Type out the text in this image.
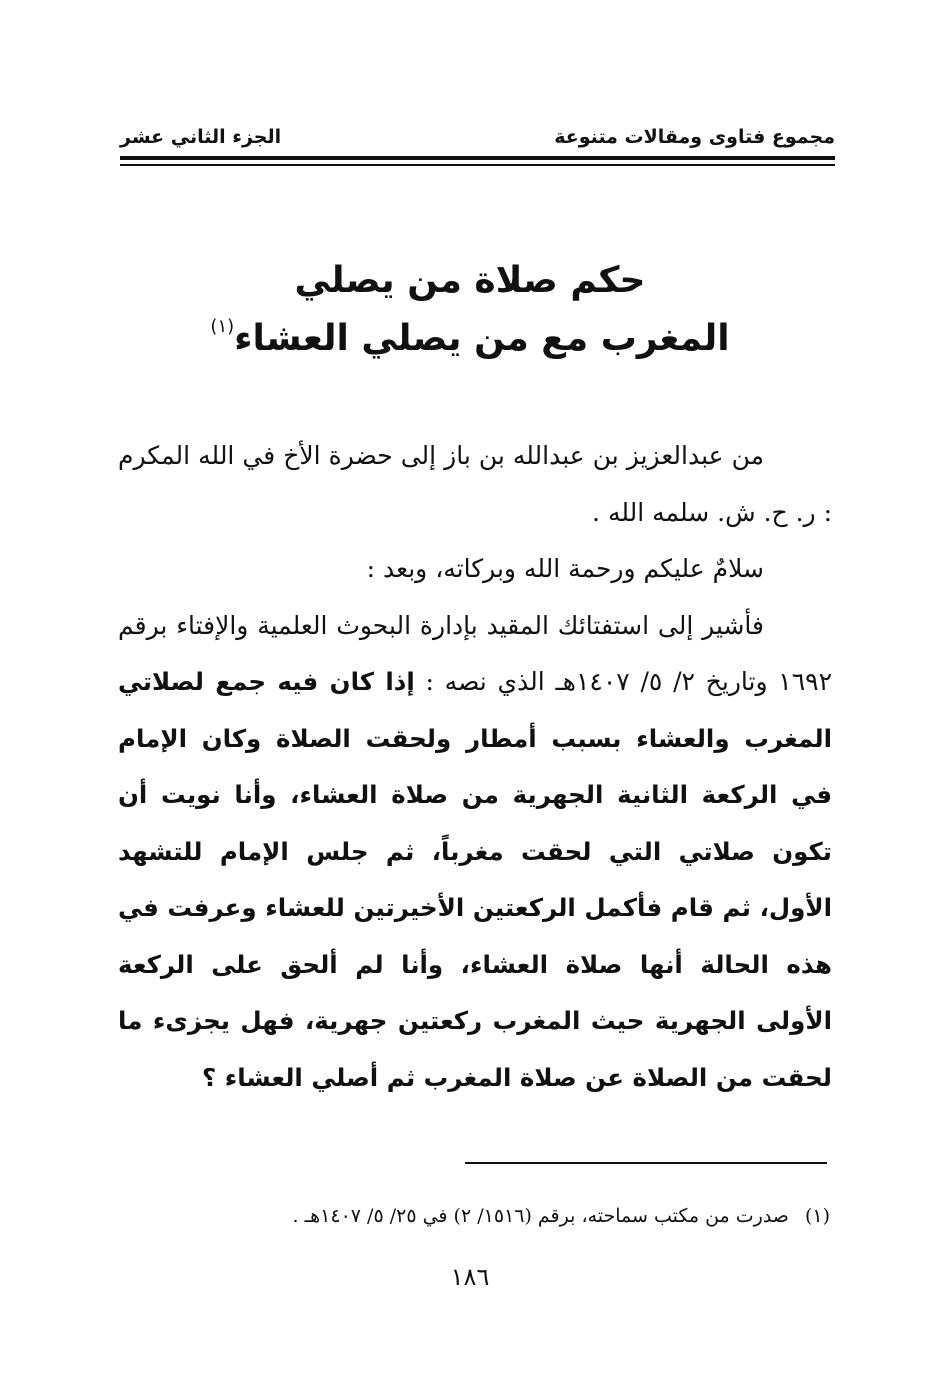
مجموع فتاوى ومقالات متنوعة
الجزء الثاني عشر
حكم صلاة من يصلي
المغرب مع من يصلي العشاء$^{(١)}$

من عبدالعزيز بن عبدالله بن باز إلى حضرة الأخ في الله المكرم : ر. ح. ش. سلمه الله .

سلامٌ عليكم ورحمة الله وبركاته، وبعد :

فأشير إلى استفتائك المقيد بإدارة البحوث العلمية والإفتاء برقم ١٦٩٢ وتاريخ ٢/ ٥/ ١٤٠٧هـ الذي نصه : إذا كان فيه جمع لصلاتي المغرب والعشاء بسبب أمطار ولحقت الصلاة وكان الإمام في الركعة الثانية الجهرية من صلاة العشاء، وأنا نويت أن تكون صلاتي التي لحقت مغرباً، ثم جلس الإمام للتشهد الأول، ثم قام فأكمل الركعتين الأخيرتين للعشاء وعرفت في هذه الحالة أنها صلاة العشاء، وأنا لم ألحق على الركعة الأولى الجهرية حيث المغرب ركعتين جهرية، فهل يجزىء ما لحقت من الصلاة عن صلاة المغرب ثم أصلي العشاء ؟

(١)صدرت من مكتب سماحته، برقم (١٥١٦/ ٢) في ٢٥/ ٥/ ١٤٠٧هـ .
١٨٦
